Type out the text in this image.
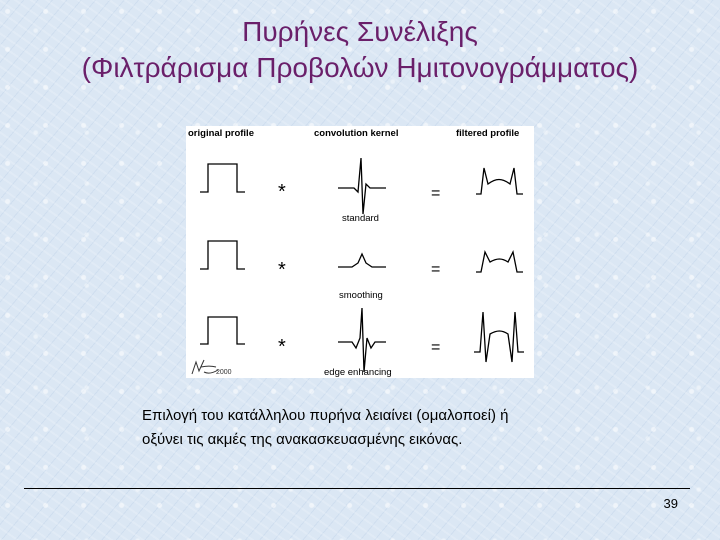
Πυρήνες Συνέλιξης
(Φιλτράρισμα Προβολών Ημιτονογράμματος)
original profile	convolution kernel	filtered profile
*
standard
=
*
smoothing
=
*
edge enhancing
=
2000
Επιλογή του κατάλληλου πυρήνα λειαίνει (ομαλοποεί) ή
οξύνει τις ακμές της ανακασκευασμένης εικόνας.
39
